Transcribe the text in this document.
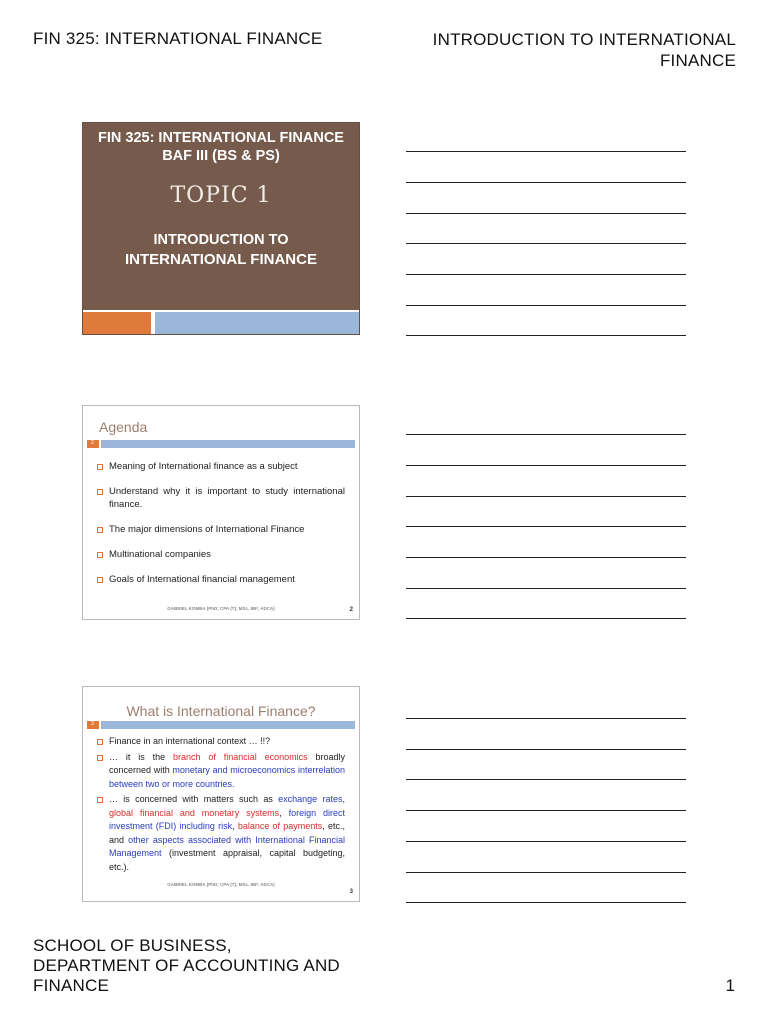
FIN 325: INTERNATIONAL FINANCE	INTRODUCTION TO INTERNATIONAL
FINANCE
FIN 325: INTERNATIONAL FINANCE
BAF III (BS & PS)
TOPIC 1
INTRODUCTION TO
INTERNATIONAL FINANCE
Agenda
2
Meaning of International finance as a subject
Understand why it is important to study international finance.
The major dimensions of International Finance
Multinational companies
Goals of International financial management
GABRIEL KOMBA (PhD; CPA (T); MSc. IBF; ADCA)	2
What is International Finance?
3
Finance in an international context … !!?
… it is the branch of financial economics broadly concerned with monetary and microeconomics interrelation between two or more countries.
… is concerned with matters such as exchange rates, global financial and monetary systems, foreign direct investment (FDI) including risk, balance of payments, etc., and other aspects associated with International Financial Management (investment appraisal, capital budgeting, etc.).
GABRIEL KOMBA (PhD; CPA (T); MSc. IBF; ADCA)
3
SCHOOL OF BUSINESS,
DEPARTMENT OF ACCOUNTING AND
FINANCE	1
